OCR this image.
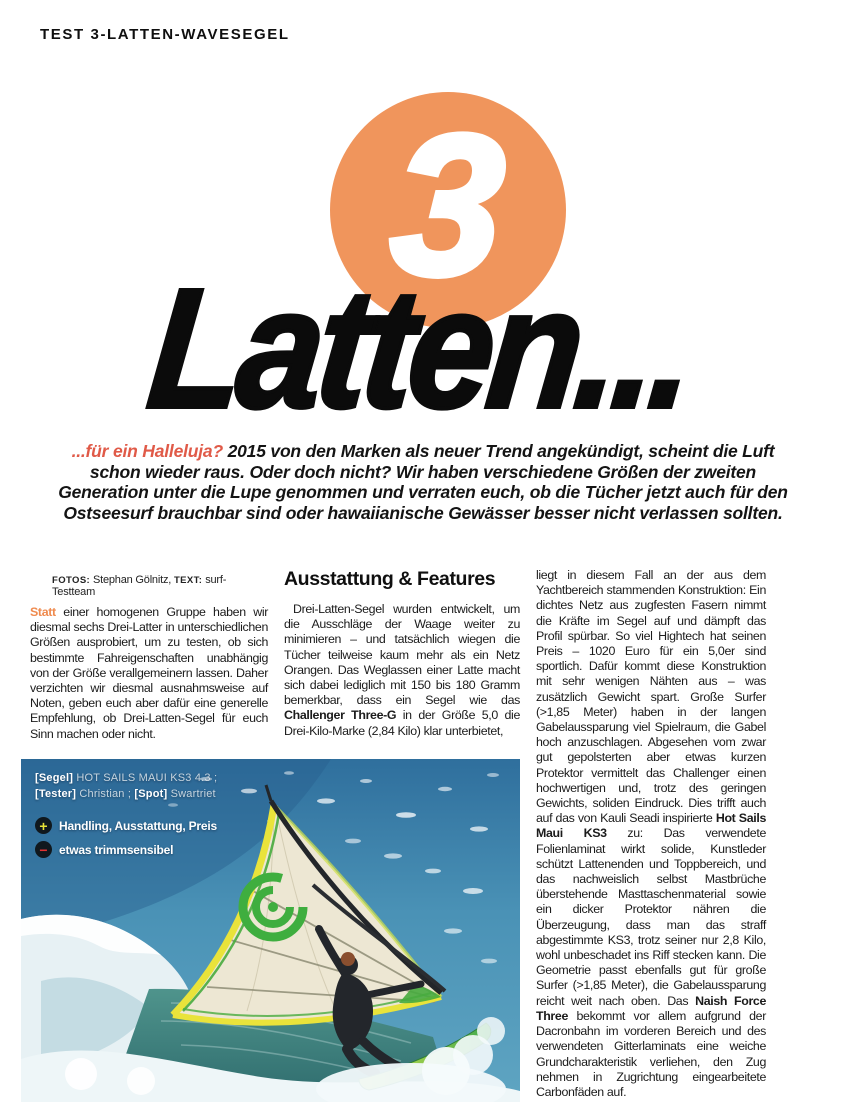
TEST 3-LATTEN-WAVESEGEL
3
Latten...
...für ein Halleluja? 2015 von den Marken als neuer Trend angekündigt, scheint die Luft schon wieder raus. Oder doch nicht? Wir haben verschiedene Größen der zweiten Generation unter die Lupe genommen und verraten euch, ob die Tücher jetzt auch für den Ostseesurf brauchbar sind oder hawaiianische Gewässer besser nicht verlassen sollten.
FOTOS: Stephan Gölnitz, TEXT: surf-Testteam

Statt einer homogenen Gruppe haben wir diesmal sechs Drei-Latter in unterschiedlichen Größen ausprobiert, um zu testen, ob sich bestimmte Fahreigenschaften unabhängig von der Größe verallgemeinern lassen. Daher verzichten wir diesmal ausnahmsweise auf Noten, geben euch aber dafür eine generelle Empfehlung, ob Drei-Latten-Segel für euch Sinn machen oder nicht.

Ausstattung & Features

Drei-Latten-Segel wurden entwickelt, um die Ausschläge der Waage weiter zu minimieren – und tatsächlich wiegen die Tücher teilweise kaum mehr als ein Netz Orangen. Das Weglassen einer Latte macht sich dabei lediglich mit 150 bis 180 Gramm bemerkbar, dass ein Segel wie das Challenger Three-G in der Größe 5,0 die Drei-Kilo-Marke (2,84 Kilo) klar unterbietet,

liegt in diesem Fall an der aus dem Yachtbereich stammenden Konstruktion: Ein dichtes Netz aus zugfesten Fasern nimmt die Kräfte im Segel auf und dämpft das Profil spürbar. So viel Hightech hat seinen Preis – 1020 Euro für ein 5,0er sind sportlich. Dafür kommt diese Konstruktion mit sehr wenigen Nähten aus – was zusätzlich Gewicht spart. Große Surfer (>1,85 Meter) haben in der langen Gabelaussparung viel Spielraum, die Gabel hoch anzuschlagen. Abgesehen vom zwar gut gepolsterten aber etwas kurzen Protektor vermittelt das Challenger einen hochwertigen und, trotz des geringen Gewichts, soliden Eindruck. Dies trifft auch auf das von Kauli Seadi inspirierte Hot Sails Maui KS3 zu: Das verwendete Folienlaminat wirkt solide, Kunstleder schützt Lattenenden und Toppbereich, und das nachweislich selbst Mastbrüche überstehende Masttaschenmaterial sowie ein dicker Protektor nähren die Überzeugung, dass man das straff abgestimmte KS3, trotz seiner nur 2,8 Kilo, wohl unbeschadet ins Riff stecken kann. Die Geometrie passt ebenfalls gut für große Surfer (>1,85 Meter), die Gabelaussparung reicht weit nach oben. Das Naish Force Three bekommt vor allem aufgrund der Dacronbahn im vorderen Bereich und des verwendeten Gitterlaminats eine weiche Grundcharakteristik verliehen, den Zug nehmen in Zugrichtung eingearbeitete Carbonfäden auf.

[Segel] HOT SAILS MAUI KS3 4.3 ;
[Tester] Christian ; [Spot] Swartriet
+ Handling, Ausstattung, Preis
− etwas trimmsensibel
